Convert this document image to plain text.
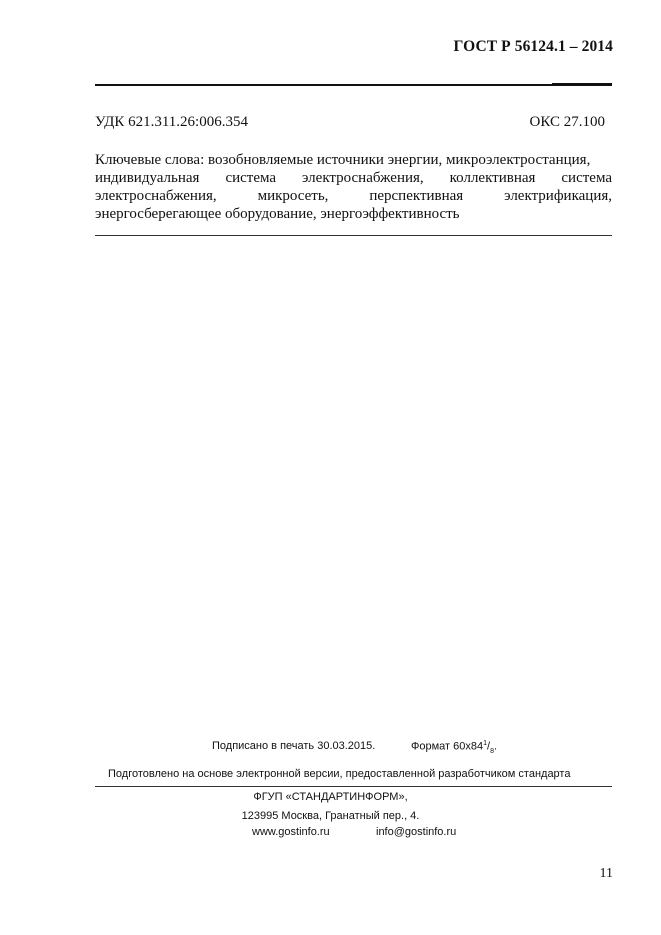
ГОСТ Р 56124.1 – 2014
УДК 621.311.26:006.354	ОКС 27.100
Ключевые слова: возобновляемые источники энергии, микроэлектростанция,
индивидуальная система электроснабжения, коллективная система
электроснабжения,	микросеть,	перспективная	электрификация,
энергосберегающее оборудование, энергоэффективность
Подписано в печать 30.03.2015.	Формат $60х84^1/_8$.
Подготовлено на основе электронной версии, предоставленной разработчиком стандарта
ФГУП «СТАНДАРТИНФОРМ»,
123995 Москва, Гранатный пер., 4.
www.gostinfo.ru	info@gostinfo.ru
11
